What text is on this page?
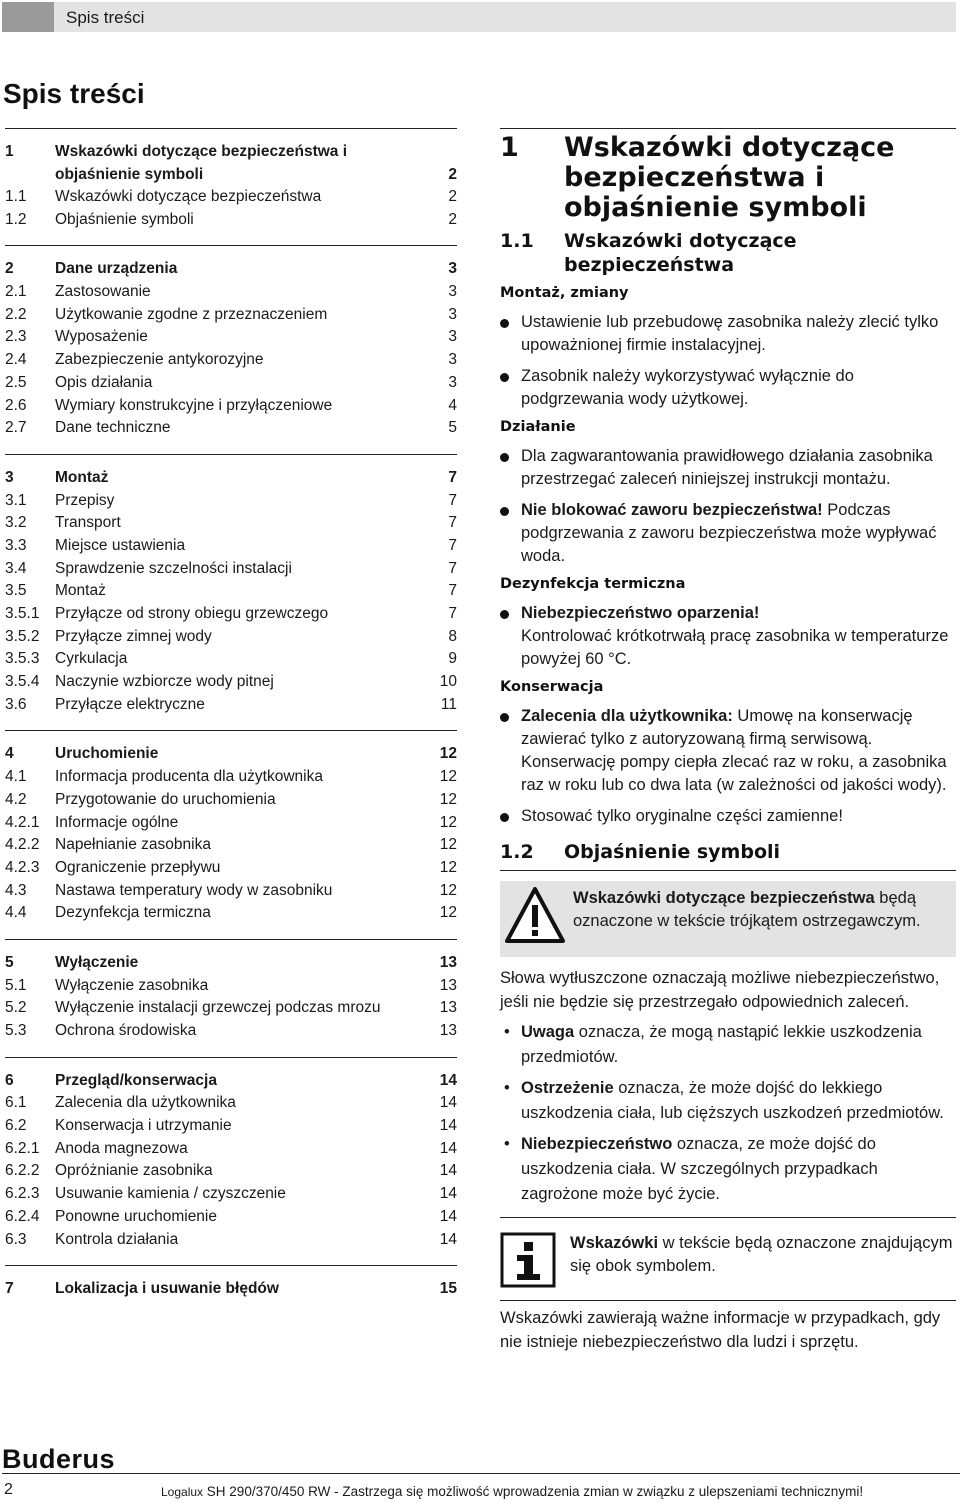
Spis treści
Spis treści
1	Wskazówki dotyczące bezpieczeństwa i objaśnienie symboli	2
1.1 Wskazówki dotyczące bezpieczeństwa	2
1.2 Objaśnienie symboli	2
2	Dane urządzenia	3
2.1 Zastosowanie	3
2.2 Użytkowanie zgodne z przeznaczeniem	3
2.3 Wyposażenie	3
2.4 Zabezpieczenie antykorozyjne	3
2.5 Opis działania	3
2.6 Wymiary konstrukcyjne i przyłączeniowe	4
2.7 Dane techniczne	5
3	Montaż	7
3.1 Przepisy	7
3.2 Transport	7
3.3 Miejsce ustawienia	7
3.4 Sprawdzenie szczelności instalacji	7
3.5 Montaż	7
3.5.1 Przyłącze od strony obiegu grzewczego	7
3.5.2 Przyłącze zimnej wody	8
3.5.3 Cyrkulacja	9
3.5.4 Naczynie wzbiorcze wody pitnej	10
3.6 Przyłącze elektryczne	11
4	Uruchomienie	12
4.1 Informacja producenta dla użytkownika	12
4.2 Przygotowanie do uruchomienia	12
4.2.1 Informacje ogólne	12
4.2.2 Napełnianie zasobnika	12
4.2.3 Ograniczenie przepływu	12
4.3 Nastawa temperatury wody w zasobniku	12
4.4 Dezynfekcja termiczna	12
5	Wyłączenie	13
5.1 Wyłączenie zasobnika	13
5.2 Wyłączenie instalacji grzewczej podczas mrozu	13
5.3 Ochrona środowiska	13
6	Przegląd/konserwacja	14
6.1 Zalecenia dla użytkownika	14
6.2 Konserwacja i utrzymanie	14
6.2.1 Anoda magnezowa	14
6.2.2 Opróżnianie zasobnika	14
6.2.3 Usuwanie kamienia / czyszczenie	14
6.2.4 Ponowne uruchomienie	14
6.3 Kontrola działania	14
7	Lokalizacja i usuwanie błędów	15
1 Wskazówki dotyczące bezpieczeństwa i objaśnienie symboli
1.1 Wskazówki dotyczące bezpieczeństwa
Montaż, zmiany
Ustawienie lub przebudowę zasobnika należy zlecić tylko upoważnionej firmie instalacyjnej.
Zasobnik należy wykorzystywać wyłącznie do podgrzewania wody użytkowej.
Działanie
Dla zagwarantowania prawidłowego działania zasobnika przestrzegać zaleceń niniejszej instrukcji montażu.
Nie blokować zaworu bezpieczeństwa! Podczas podgrzewania z zaworu bezpieczeństwa może wypływać woda.
Dezynfekcja termiczna
Niebezpieczeństwo oparzenia!
Kontrolować krótkotrwałą pracę zasobnika w temperaturze powyżej 60 °C.
Konserwacja
Zalecenia dla użytkownika: Umowę na konserwację zawierać tylko z autoryzowaną firmą serwisową. Konserwację pompy ciepła zlecać raz w roku, a zasobnika raz w roku lub co dwa lata (w zależności od jakości wody).
Stosować tylko oryginalne części zamienne!
1.2 Objaśnienie symboli
Wskazówki dotyczące bezpieczeństwa będą oznaczone w tekście trójkątem ostrzegawczym.
Słowa wytłuszczone oznaczają możliwe niebezpieczeństwo, jeśli nie będzie się przestrzegało odpowiednich zaleceń.
• Uwaga oznacza, że mogą nastąpić lekkie uszkodzenia przedmiotów.
• Ostrzeżenie oznacza, że może dojść do lekkiego uszkodzenia ciała, lub cięższych uszkodzeń przedmiotów.
• Niebezpieczeństwo oznacza, ze może dojść do uszkodzenia ciała. W szczególnych przypadkach zagrożone może być życie.
Wskazówki w tekście będą oznaczone znajdującym się obok symbolem.
Wskazówki zawierają ważne informacje w przypadkach, gdy nie istnieje niebezpieczeństwo dla ludzi i sprzętu.
Buderus
2	Logalux SH 290/370/450 RW - Zastrzega się możliwość wprowadzenia zmian w związku z ulepszeniami technicznymi!
